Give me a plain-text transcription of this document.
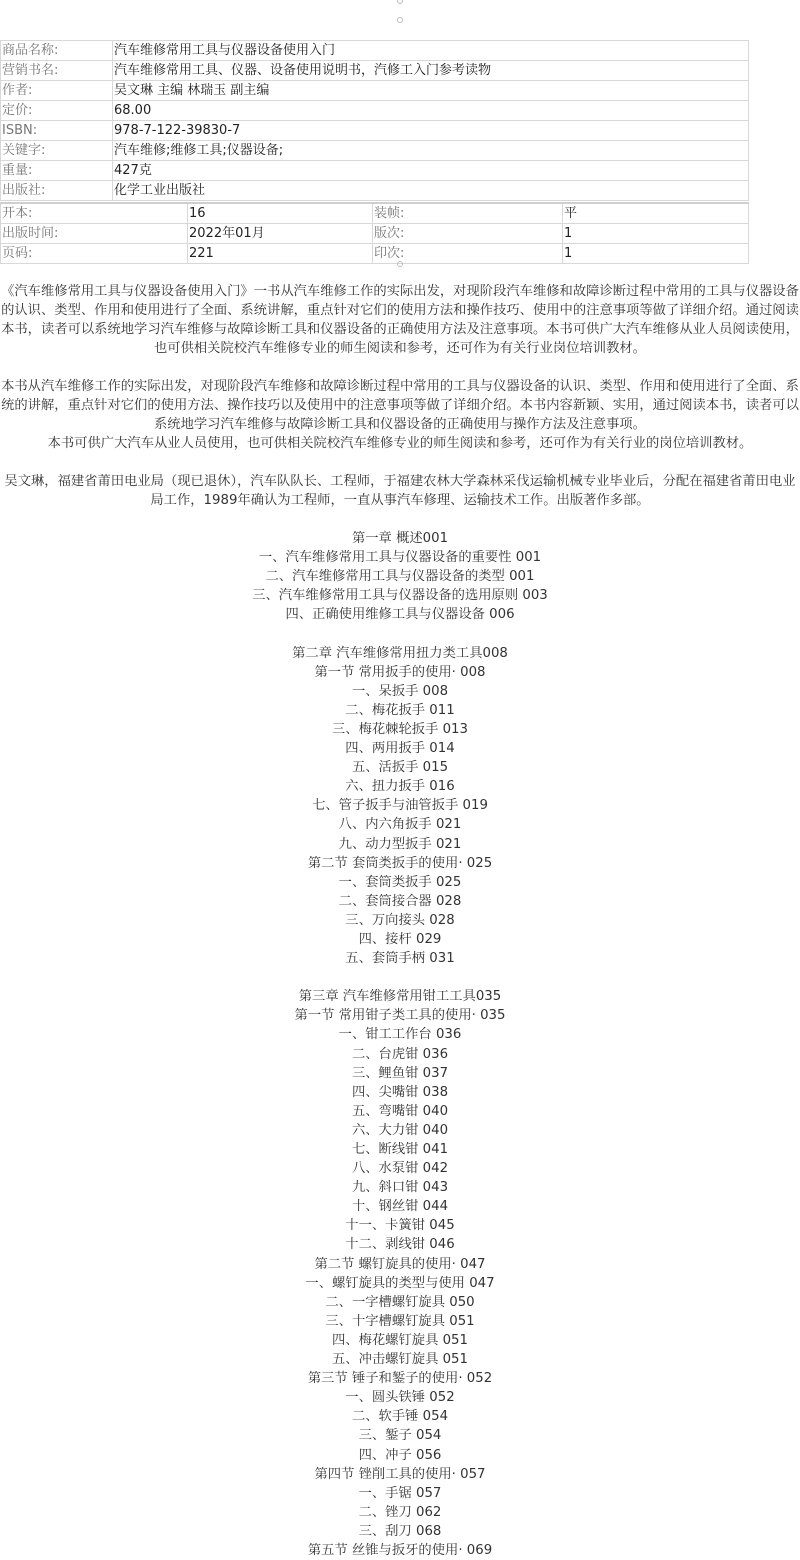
商品名称:	汽车维修常用工具与仪器设备使用入门
营销书名:	汽车维修常用工具、仪器、设备使用说明书，汽修工入门参考读物
作者:	吴文琳 主编 林瑞玉 副主编
定价:	68.00
ISBN:	978-7-122-39830-7
关键字:	汽车维修;维修工具;仪器设备;
重量:	427克
出版社:	化学工业出版社
开本:	16	装帧:	平
出版时间:	2022年01月	版次:	1
页码:	221	印次:	1
《汽车维修常用工具与仪器设备使用入门》一书从汽车维修工作的实际出发，对现阶段汽车维修和故障诊断过程中常用的工具与仪器设备的认识、类型、作用和使用进行了全面、系统讲解，重点针对它们的使用方法和操作技巧、使用中的注意事项等做了详细介绍。通过阅读本书，读者可以系统地学习汽车维修与故障诊断工具和仪器设备的正确使用方法及注意事项。本书可供广大汽车维修从业人员阅读使用，也可供相关院校汽车维修专业的师生阅读和参考，还可作为有关行业岗位培训教材。
本书从汽车维修工作的实际出发，对现阶段汽车维修和故障诊断过程中常用的工具与仪器设备的认识、类型、作用和使用进行了全面、系统的讲解，重点针对它们的使用方法、操作技巧以及使用中的注意事项等做了详细介绍。本书内容新颖、实用，通过阅读本书，读者可以系统地学习汽车维修与故障诊断工具和仪器设备的正确使用与操作方法及注意事项。
本书可供广大汽车从业人员使用，也可供相关院校汽车维修专业的师生阅读和参考，还可作为有关行业的岗位培训教材。
吴文琳，福建省莆田电业局（现已退休），汽车队队长、工程师，于福建农林大学森林采伐运输机械专业毕业后，分配在福建省莆田电业局工作，1989年确认为工程师，一直从事汽车修理、运输技术工作。出版著作多部。
第一章 概述001
一、汽车维修常用工具与仪器设备的重要性 001
二、汽车维修常用工具与仪器设备的类型 001
三、汽车维修常用工具与仪器设备的选用原则 003
四、正确使用维修工具与仪器设备 006
第二章 汽车维修常用扭力类工具008
第一节 常用扳手的使用· 008
一、呆扳手 008
二、梅花扳手 011
三、梅花棘轮扳手 013
四、两用扳手 014
五、活扳手 015
六、扭力扳手 016
七、管子扳手与油管扳手 019
八、内六角扳手 021
九、动力型扳手 021
第二节 套筒类扳手的使用· 025
一、套筒类扳手 025
二、套筒接合器 028
三、万向接头 028
四、接杆 029
五、套筒手柄 031
第三章 汽车维修常用钳工工具035
第一节 常用钳子类工具的使用· 035
一、钳工工作台 036
二、台虎钳 036
三、鲤鱼钳 037
四、尖嘴钳 038
五、弯嘴钳 040
六、大力钳 040
七、断线钳 041
八、水泵钳 042
九、斜口钳 043
十、钢丝钳 044
十一、卡簧钳 045
十二、剥线钳 046
第二节 螺钉旋具的使用· 047
一、螺钉旋具的类型与使用 047
二、一字槽螺钉旋具 050
三、十字槽螺钉旋具 051
四、梅花螺钉旋具 051
五、冲击螺钉旋具 051
第三节 锤子和錾子的使用· 052
一、圆头铁锤 052
二、软手锤 054
三、錾子 054
四、冲子 056
第四节 锉削工具的使用· 057
一、手锯 057
二、锉刀 062
三、刮刀 068
第五节 丝锥与扳牙的使用· 069
